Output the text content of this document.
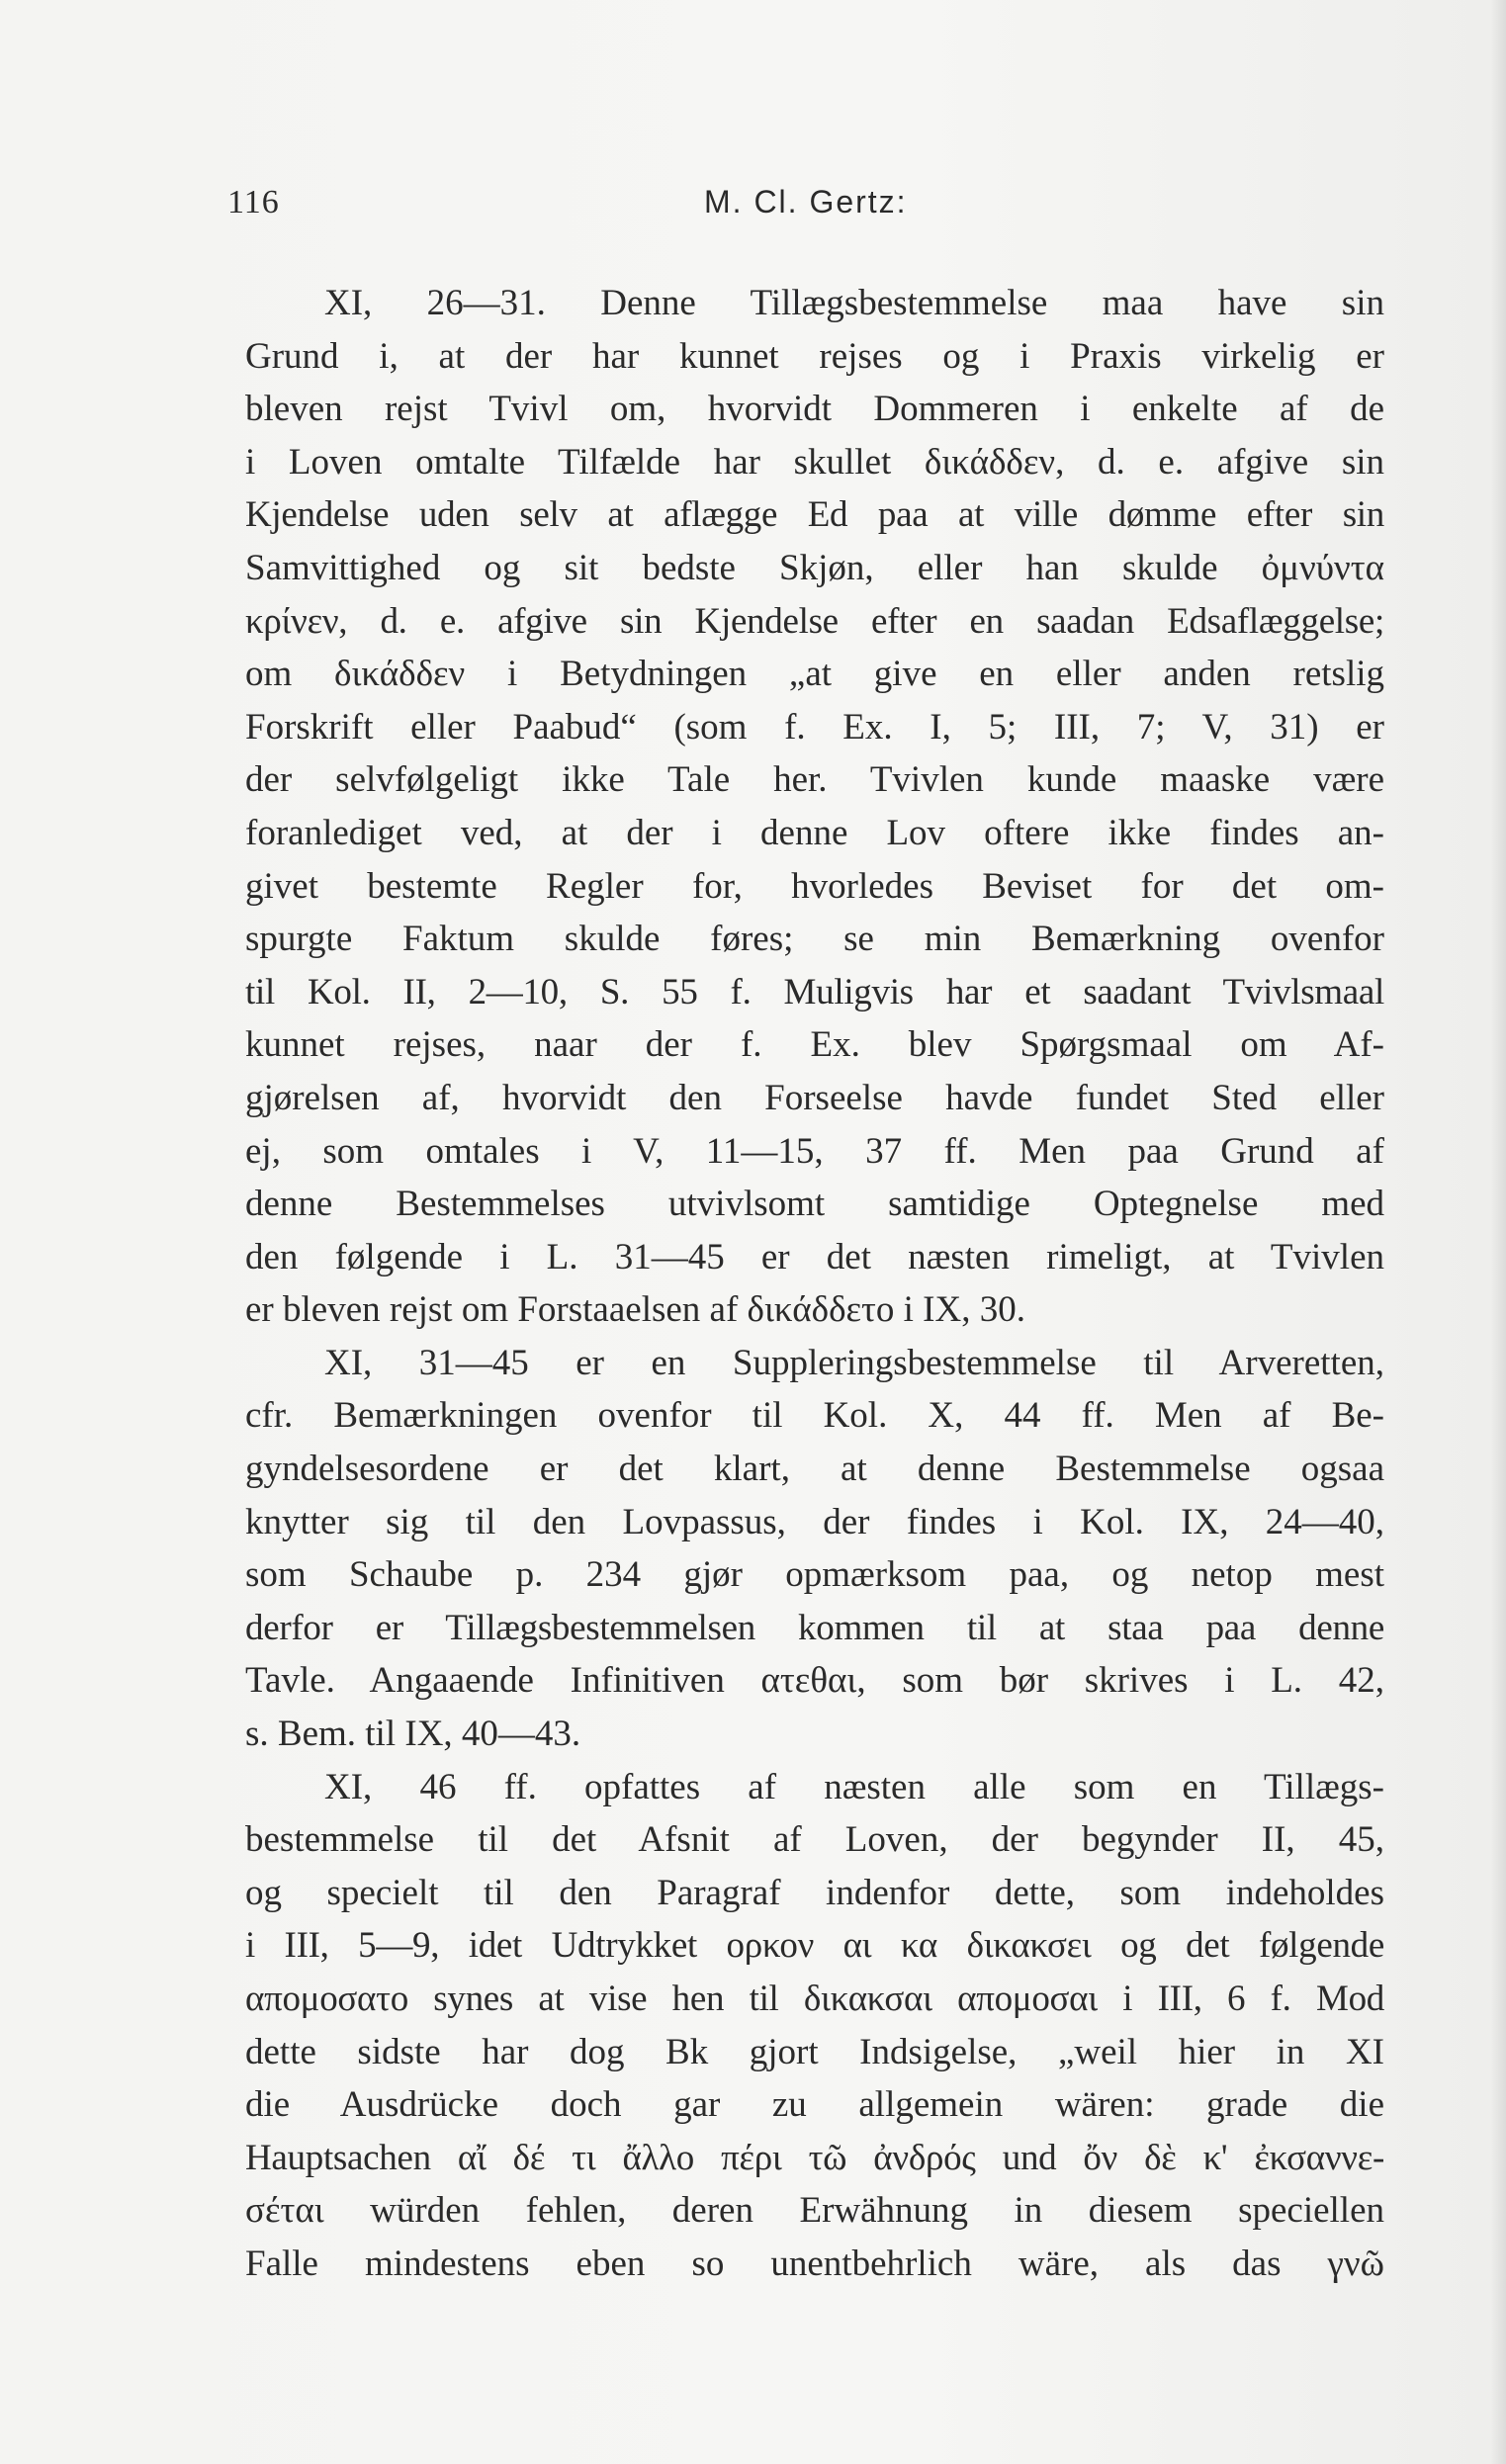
116	M. Cl. Gertz:
XI, 26—31. Denne Tillægsbestemmelse maa have sin
Grund i, at der har kunnet rejses og i Praxis virkelig er
bleven rejst Tvivl om, hvorvidt Dommeren i enkelte af de
i Loven omtalte Tilfælde har skullet δικάδδεν, d. e. afgive sin
Kjendelse uden selv at aflægge Ed paa at ville dømme efter sin
Samvittighed og sit bedste Skjøn, eller han skulde ὀμνύντα
κρίνεν, d. e. afgive sin Kjendelse efter en saadan Edsaflæggelse;
om δικάδδεν i Betydningen „at give en eller anden retslig
Forskrift eller Paabud“ (som f. Ex. I, 5; III, 7; V, 31) er
der selvfølgeligt ikke Tale her. Tvivlen kunde maaske være
foranlediget ved, at der i denne Lov oftere ikke findes an-
givet bestemte Regler for, hvorledes Beviset for det om-
spurgte Faktum skulde føres; se min Bemærkning ovenfor
til Kol. II, 2—10, S. 55 f. Muligvis har et saadant Tvivlsmaal
kunnet rejses, naar der f. Ex. blev Spørgsmaal om Af-
gjørelsen af, hvorvidt den Forseelse havde fundet Sted eller
ej, som omtales i V, 11—15, 37 ff. Men paa Grund af
denne Bestemmelses utvivlsomt samtidige Optegnelse med
den følgende i L. 31—45 er det næsten rimeligt, at Tvivlen
er bleven rejst om Forstaaelsen af δικάδδετο i IX, 30.
XI, 31—45 er en Suppleringsbestemmelse til Arveretten,
cfr. Bemærkningen ovenfor til Kol. X, 44 ff. Men af Be-
gyndelsesordene er det klart, at denne Bestemmelse ogsaa
knytter sig til den Lovpassus, der findes i Kol. IX, 24—40,
som Schaube p. 234 gjør opmærksom paa, og netop mest
derfor er Tillægsbestemmelsen kommen til at staa paa denne
Tavle. Angaaende Infinitiven ατεθαι, som bør skrives i L. 42,
s. Bem. til IX, 40—43.
XI, 46 ff. opfattes af næsten alle som en Tillægs-
bestemmelse til det Afsnit af Loven, der begynder II, 45,
og specielt til den Paragraf indenfor dette, som indeholdes
i III, 5—9, idet Udtrykket ορκον αι κα δικακσει og det følgende
απομοσατο synes at vise hen til δικακσαι απομοσαι i III, 6 f. Mod
dette sidste har dog Bk gjort Indsigelse, „weil hier in XI
die Ausdrücke doch gar zu allgemein wären: grade die
Hauptsachen αἴ δέ τι ἄλλο πέρι τῶ ἀνδρός und ὄν δὲ κ' ἐκσαννε-
σέται würden fehlen, deren Erwähnung in diesem speciellen
Falle mindestens eben so unentbehrlich wäre, als das γνῶ
